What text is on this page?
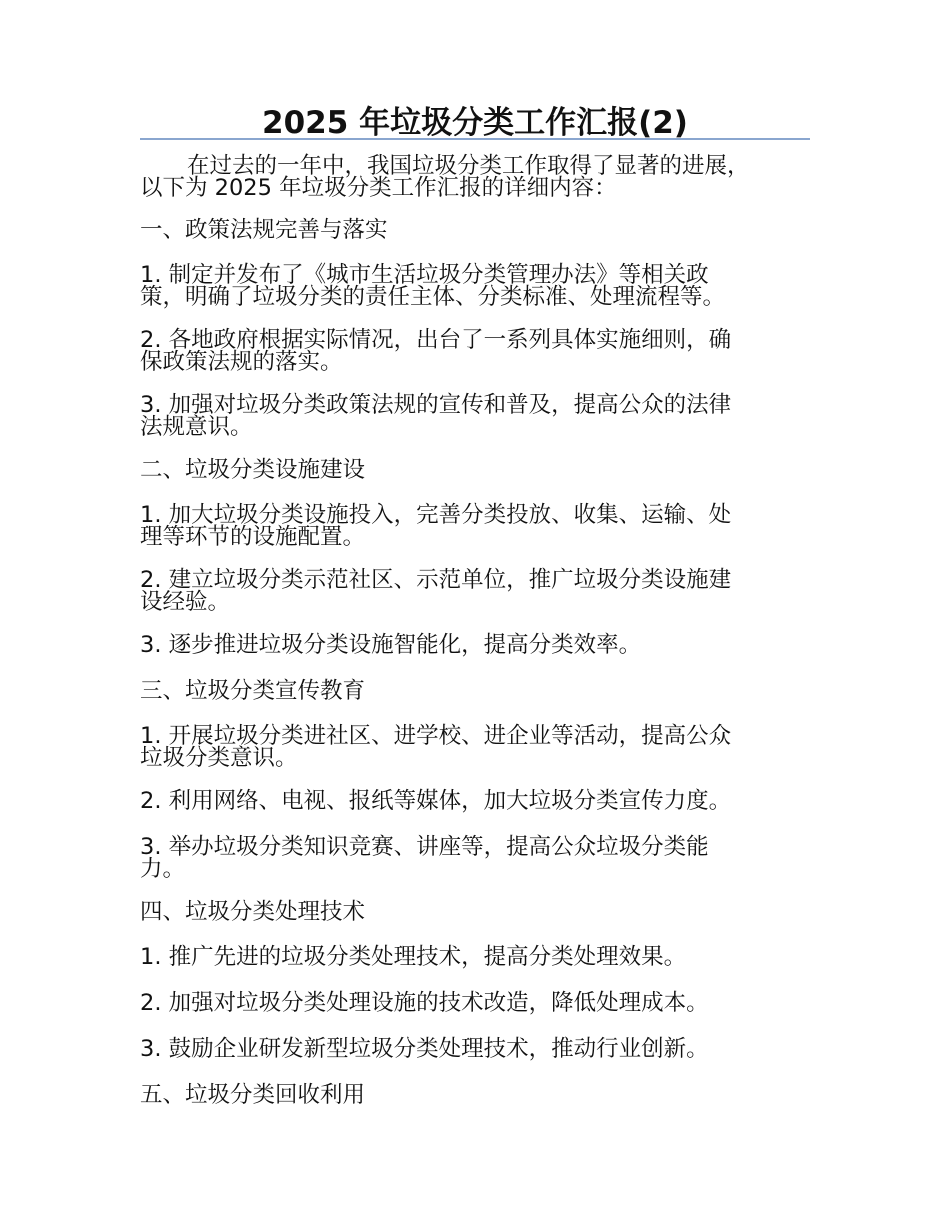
2025 年垃圾分类工作汇报(2)
在过去的一年中，我国垃圾分类工作取得了显著的进展，
以下为 2025 年垃圾分类工作汇报的详细内容：
一、政策法规完善与落实
1. 制定并发布了《城市生活垃圾分类管理办法》等相关政
策，明确了垃圾分类的责任主体、分类标准、处理流程等。
2. 各地政府根据实际情况，出台了一系列具体实施细则，确
保政策法规的落实。
3. 加强对垃圾分类政策法规的宣传和普及，提高公众的法律
法规意识。
二、垃圾分类设施建设
1. 加大垃圾分类设施投入，完善分类投放、收集、运输、处
理等环节的设施配置。
2. 建立垃圾分类示范社区、示范单位，推广垃圾分类设施建
设经验。
3. 逐步推进垃圾分类设施智能化，提高分类效率。
三、垃圾分类宣传教育
1. 开展垃圾分类进社区、进学校、进企业等活动，提高公众
垃圾分类意识。
2. 利用网络、电视、报纸等媒体，加大垃圾分类宣传力度。
3. 举办垃圾分类知识竞赛、讲座等，提高公众垃圾分类能
力。
四、垃圾分类处理技术
1. 推广先进的垃圾分类处理技术，提高分类处理效果。
2. 加强对垃圾分类处理设施的技术改造，降低处理成本。
3. 鼓励企业研发新型垃圾分类处理技术，推动行业创新。
五、垃圾分类回收利用
